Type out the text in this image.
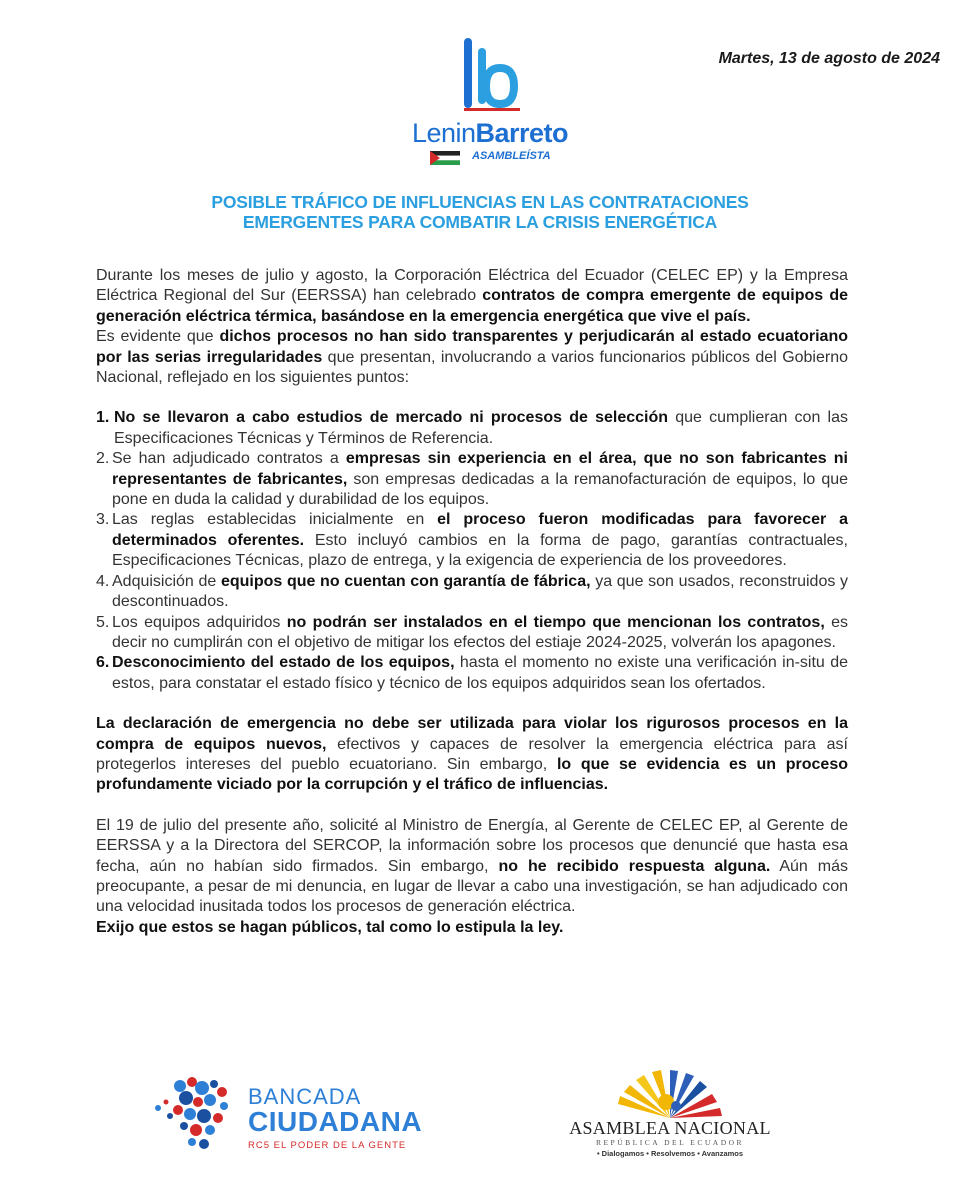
Martes, 13 de agosto de 2024
LeninBarreto
ASAMBLEÍSTA
POSIBLE TRÁFICO DE INFLUENCIAS EN LAS CONTRATACIONES
EMERGENTES PARA COMBATIR LA CRISIS ENERGÉTICA

Durante los meses de julio y agosto, la Corporación Eléctrica del Ecuador (CELEC EP) y la Empresa Eléctrica Regional del Sur (EERSSA) han celebrado contratos de compra emergente de equipos de generación eléctrica térmica, basándose en la emergencia energética que vive el país.

Es evidente que dichos procesos no han sido transparentes y perjudicarán al estado ecuatoriano por las serias irregularidades que presentan, involucrando a varios funcionarios públicos del Gobierno Nacional, reflejado en los siguientes puntos:

1. No se llevaron a cabo estudios de mercado ni procesos de selección que cumplieran con las Especificaciones Técnicas y Términos de Referencia.
2. Se han adjudicado contratos a empresas sin experiencia en el área, que no son fabricantes ni representantes de fabricantes, son empresas dedicadas a la remanofacturación de equipos, lo que pone en duda la calidad y durabilidad de los equipos.
3. Las reglas establecidas inicialmente en el proceso fueron modificadas para favorecer a determinados oferentes. Esto incluyó cambios en la forma de pago, garantías contractuales, Especificaciones Técnicas, plazo de entrega, y la exigencia de experiencia de los proveedores.
4. Adquisición de equipos que no cuentan con garantía de fábrica, ya que son usados, reconstruidos y descontinuados.
5. Los equipos adquiridos no podrán ser instalados en el tiempo que mencionan los contratos, es decir no cumplirán con el objetivo de mitigar los efectos del estiaje 2024-2025, volverán los apagones.
6. Desconocimiento del estado de los equipos, hasta el momento no existe una verificación in-situ de estos, para constatar el estado físico y técnico de los equipos adquiridos sean los ofertados.

La declaración de emergencia no debe ser utilizada para violar los rigurosos procesos en la compra de equipos nuevos, efectivos y capaces de resolver la emergencia eléctrica para así protegerlos intereses del pueblo ecuatoriano. Sin embargo, lo que se evidencia es un proceso profundamente viciado por la corrupción y el tráfico de influencias.

El 19 de julio del presente año, solicité al Ministro de Energía, al Gerente de CELEC EP, al Gerente de EERSSA y a la Directora del SERCOP, la información sobre los procesos que denuncié que hasta esa fecha, aún no habían sido firmados. Sin embargo, no he recibido respuesta alguna. Aún más preocupante, a pesar de mi denuncia, en lugar de llevar a cabo una investigación, se han adjudicado con una velocidad inusitada todos los procesos de generación eléctrica.

Exijo que estos se hagan públicos, tal como lo estipula la ley.

BANCADA
CIUDADANA
RC5 EL PODER DE LA GENTE
ASAMBLEA NACIONAL
REPÚBLICA DEL ECUADOR
• Dialogamos • Resolvemos • Avanzamos
